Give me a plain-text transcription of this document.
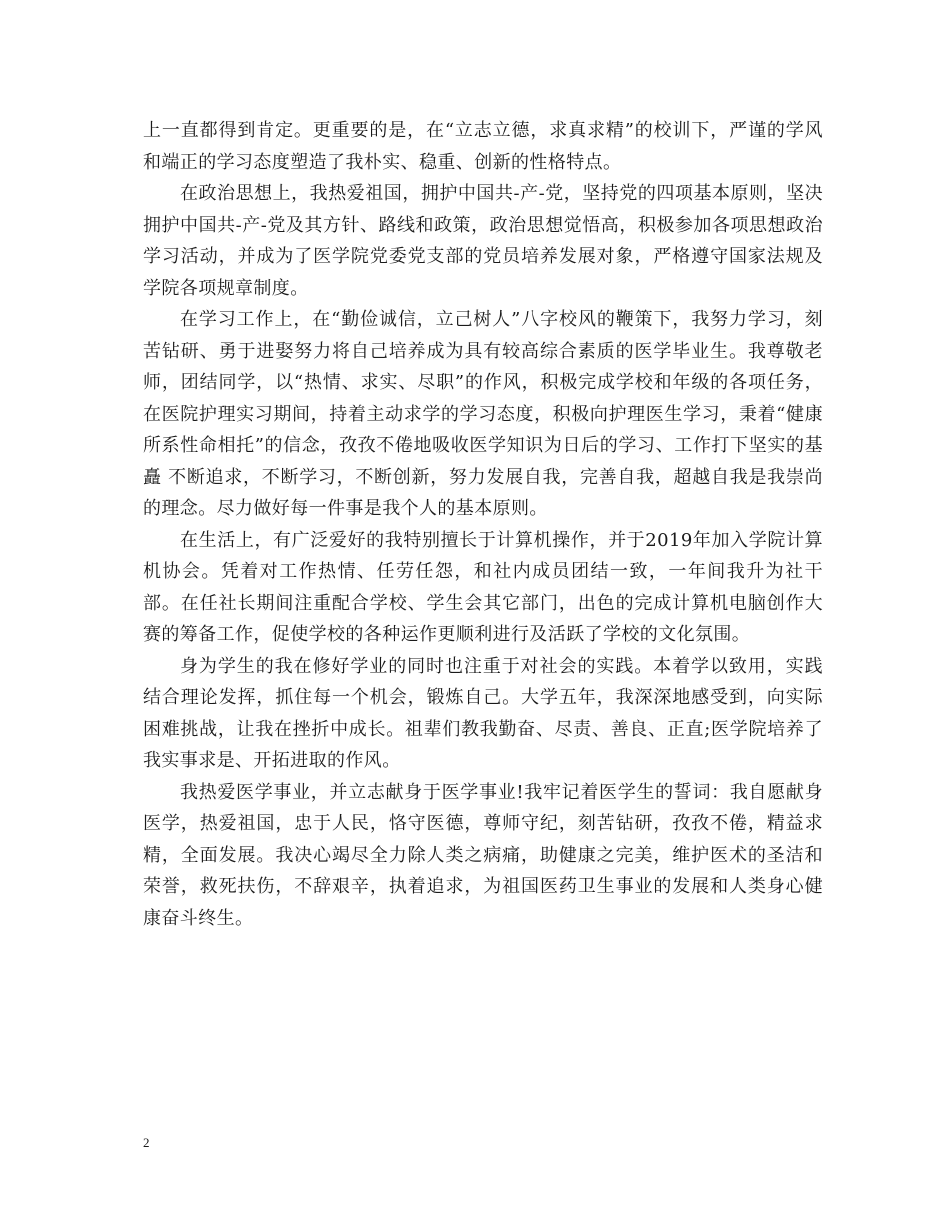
上一直都得到肯定。更重要的是，在“立志立德，求真求精”的校训下，严谨的学风和端正的学习态度塑造了我朴实、稳重、创新的性格特点。

在政治思想上，我热爱祖国，拥护中国共-产-党，坚持党的四项基本原则，坚决拥护中国共-产-党及其方针、路线和政策，政治思想觉悟高，积极参加各项思想政治学习活动，并成为了医学院党委党支部的党员培养发展对象，严格遵守国家法规及学院各项规章制度。

在学习工作上，在“勤俭诚信，立己树人”八字校风的鞭策下，我努力学习，刻苦钻研、勇于进娶努力将自己培养成为具有较高综合素质的医学毕业生。我尊敬老师，团结同学，以“热情、求实、尽职”的作风，积极完成学校和年级的各项任务，在医院护理实习期间，持着主动求学的学习态度，积极向护理医生学习，秉着“健康所系性命相托”的信念，孜孜不倦地吸收医学知识为日后的学习、工作打下坚实的基矗 不断追求，不断学习，不断创新，努力发展自我，完善自我，超越自我是我崇尚的理念。尽力做好每一件事是我个人的基本原则。

在生活上，有广泛爱好的我特别擅长于计算机操作，并于2019年加入学院计算机协会。凭着对工作热情、任劳任怨，和社内成员团结一致，一年间我升为社干部。在任社长期间注重配合学校、学生会其它部门，出色的完成计算机电脑创作大赛的筹备工作，促使学校的各种运作更顺利进行及活跃了学校的文化氛围。

身为学生的我在修好学业的同时也注重于对社会的实践。本着学以致用，实践结合理论发挥，抓住每一个机会，锻炼自己。大学五年，我深深地感受到，向实际困难挑战，让我在挫折中成长。祖辈们教我勤奋、尽责、善良、正直;医学院培养了我实事求是、开拓进取的作风。

我热爱医学事业，并立志献身于医学事业!我牢记着医学生的誓词：我自愿献身医学，热爱祖国，忠于人民，恪守医德，尊师守纪，刻苦钻研，孜孜不倦，精益求精，全面发展。我决心竭尽全力除人类之病痛，助健康之完美，维护医术的圣洁和荣誉，救死扶伤，不辞艰辛，执着追求，为祖国医药卫生事业的发展和人类身心健康奋斗终生。

2
